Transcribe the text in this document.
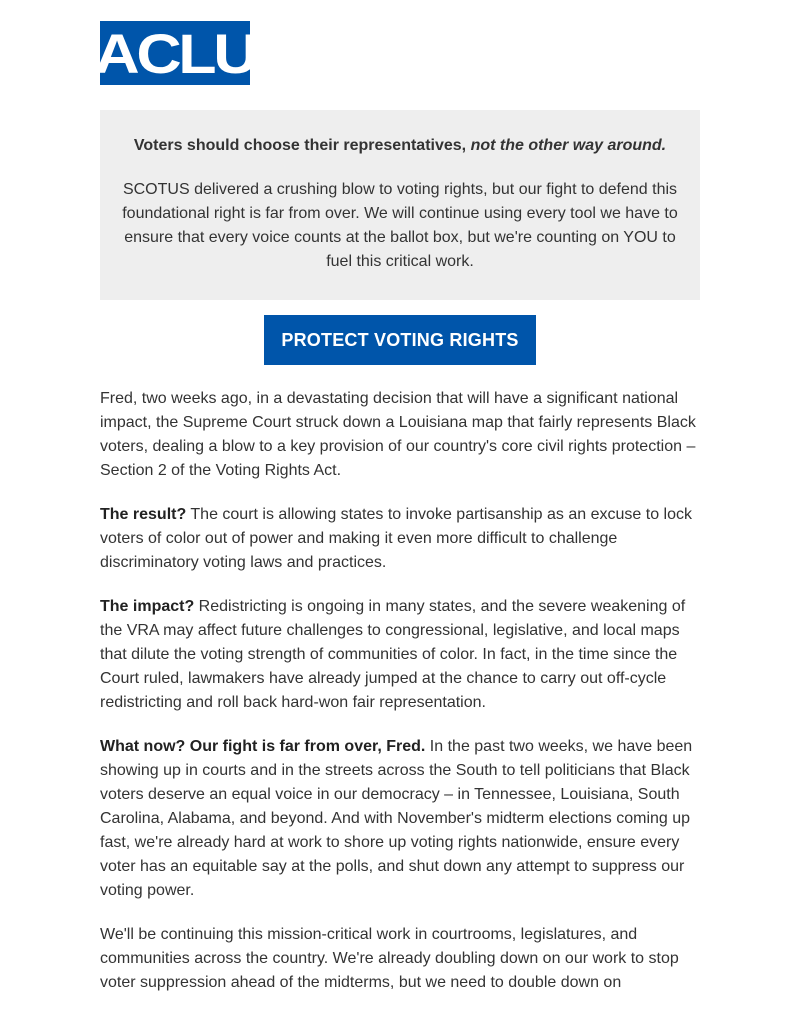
ACLU

Voters should choose their representatives, not the other way around.

SCOTUS delivered a crushing blow to voting rights, but our fight to defend this foundational right is far from over. We will continue using every tool we have to ensure that every voice counts at the ballot box, but we're counting on YOU to fuel this critical work.

PROTECT VOTING RIGHTS

Fred, two weeks ago, in a devastating decision that will have a significant national impact, the Supreme Court struck down a Louisiana map that fairly represents Black voters, dealing a blow to a key provision of our country's core civil rights protection – Section 2 of the Voting Rights Act.

The result? The court is allowing states to invoke partisanship as an excuse to lock voters of color out of power and making it even more difficult to challenge discriminatory voting laws and practices.

The impact? Redistricting is ongoing in many states, and the severe weakening of the VRA may affect future challenges to congressional, legislative, and local maps that dilute the voting strength of communities of color. In fact, in the time since the Court ruled, lawmakers have already jumped at the chance to carry out off-cycle redistricting and roll back hard-won fair representation.

What now? Our fight is far from over, Fred. In the past two weeks, we have been showing up in courts and in the streets across the South to tell politicians that Black voters deserve an equal voice in our democracy – in Tennessee, Louisiana, South Carolina, Alabama, and beyond. And with November's midterm elections coming up fast, we're already hard at work to shore up voting rights nationwide, ensure every voter has an equitable say at the polls, and shut down any attempt to suppress our voting power.

We'll be continuing this mission-critical work in courtrooms, legislatures, and communities across the country. We're already doubling down on our work to stop voter suppression ahead of the midterms, but we need to double down on
